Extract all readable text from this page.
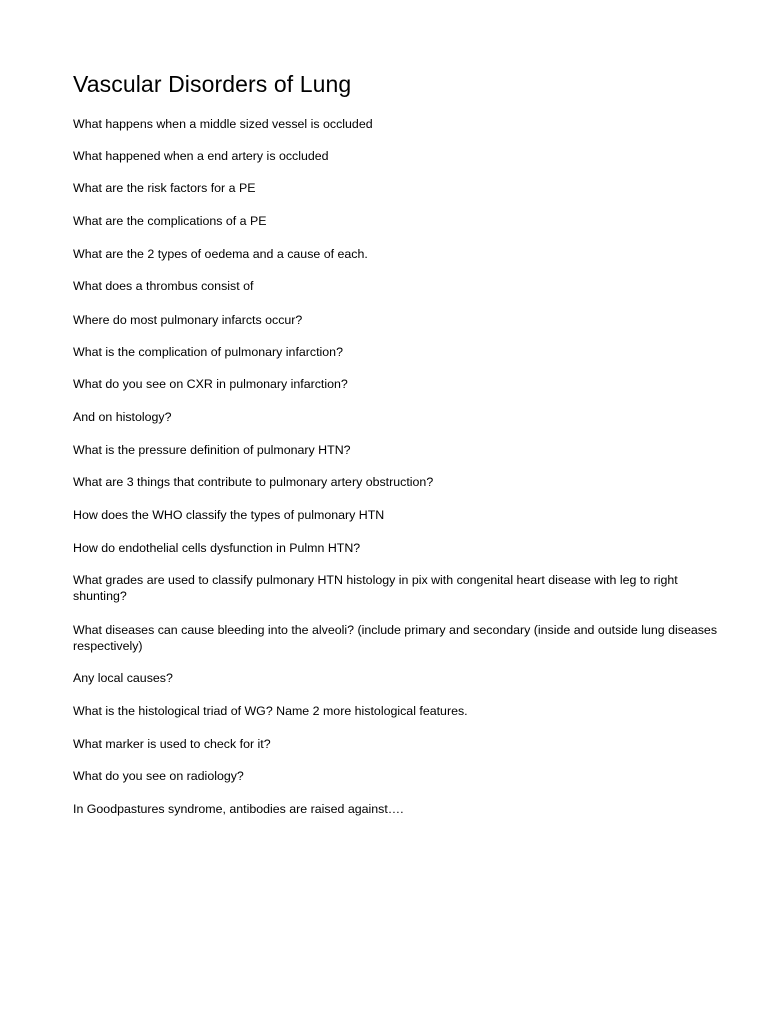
Vascular Disorders of Lung

What happens when a middle sized vessel is occluded

What happened when a end artery is occluded

What are the risk factors for a PE

What are the complications of a PE

What are the 2 types of oedema and a cause of each.

What does a thrombus consist of

Where do most pulmonary infarcts occur?

What is the complication of pulmonary infarction?

What do you see on CXR in pulmonary infarction?

And on histology?

What is the pressure definition of pulmonary HTN?

What are 3 things that contribute to pulmonary artery obstruction?

How does the WHO classify the types of pulmonary HTN

How do endothelial cells dysfunction in Pulmn HTN?

What grades are used to classify pulmonary HTN histology in pix with congenital heart disease with leg to right shunting?

What diseases can cause bleeding into the alveoli? (include primary and secondary (inside and outside lung diseases respectively)

Any local causes?

What is the histological triad of WG? Name 2 more histological features.

What marker is used to check for it?

What do you see on radiology?

In Goodpastures syndrome, antibodies are raised against….
